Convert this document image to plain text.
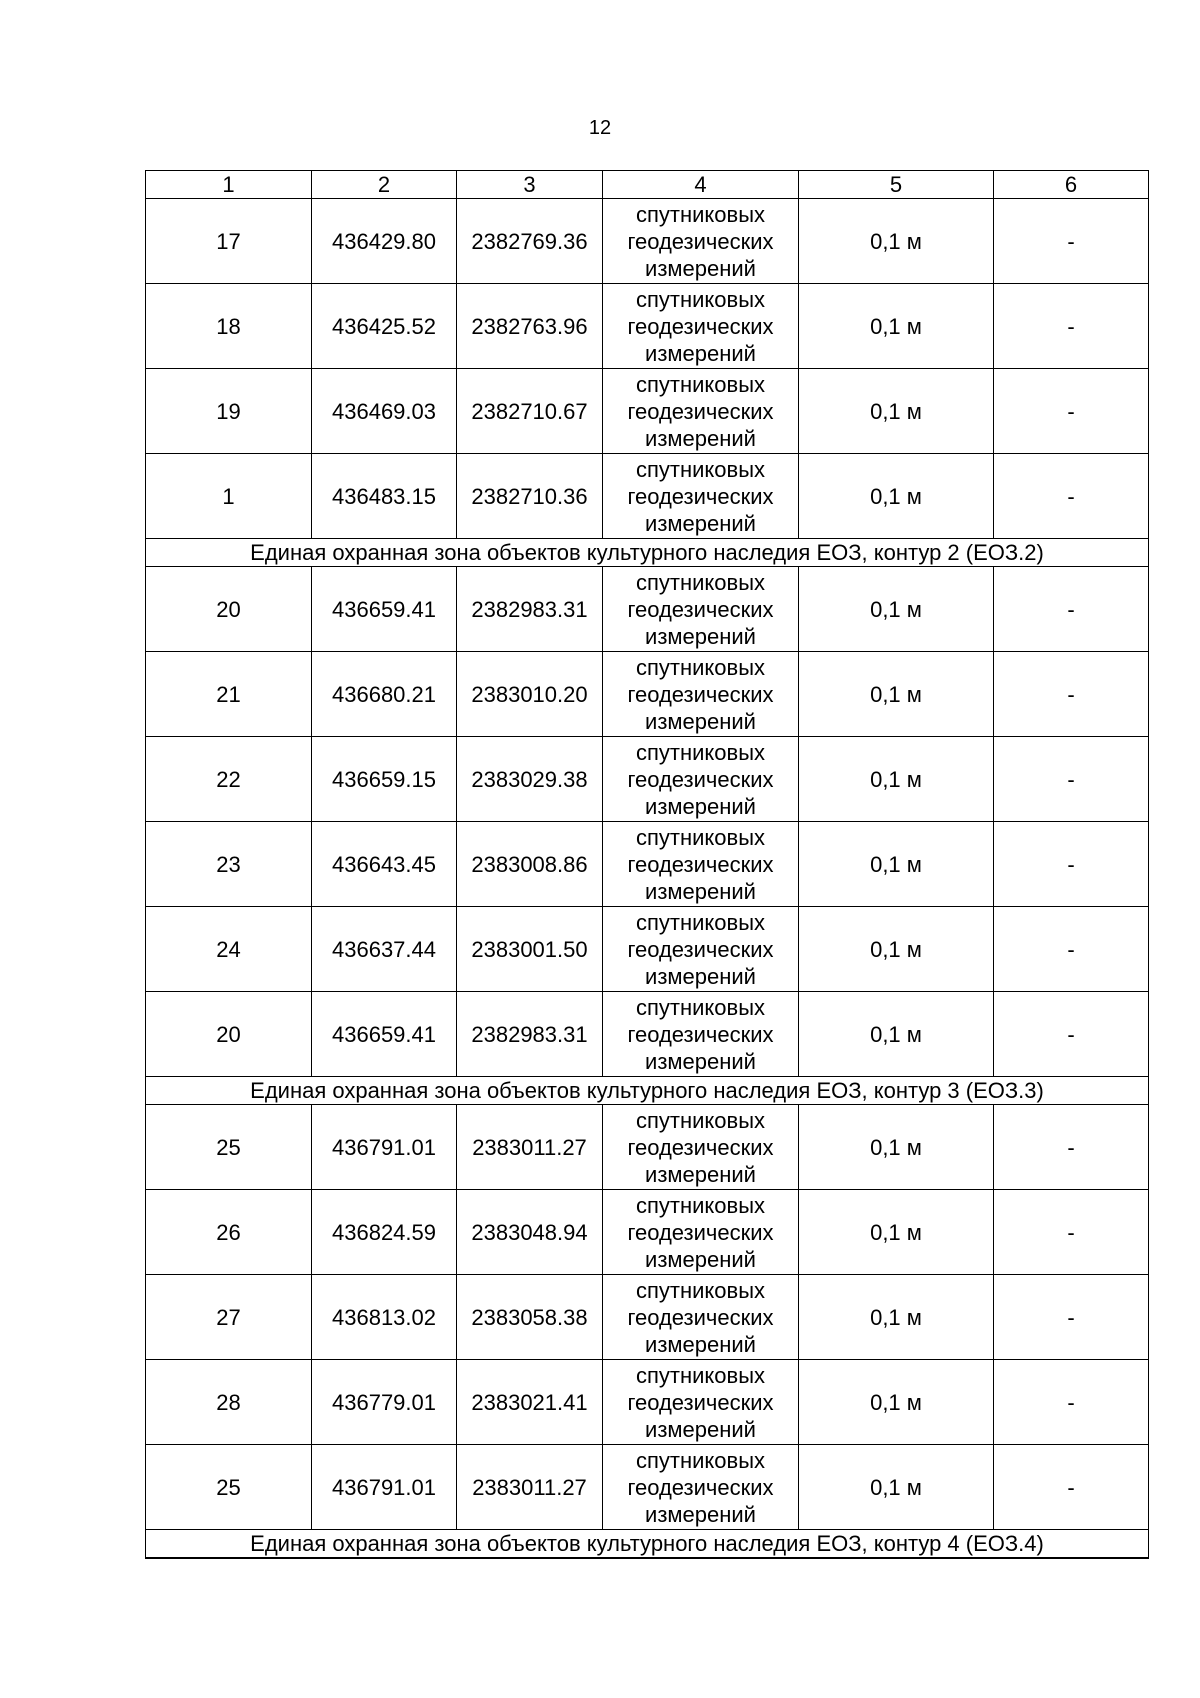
12
1	2	3	4	5	6
17	436429.80	2382769.36	спутниковых геодезических измерений	0,1 м	-
18	436425.52	2382763.96	спутниковых геодезических измерений	0,1 м	-
19	436469.03	2382710.67	спутниковых геодезических измерений	0,1 м	-
1	436483.15	2382710.36	спутниковых геодезических измерений	0,1 м	-
Единая охранная зона объектов культурного наследия ЕОЗ, контур 2 (ЕОЗ.2)					
20	436659.41	2382983.31	спутниковых геодезических измерений	0,1 м	-
21	436680.21	2383010.20	спутниковых геодезических измерений	0,1 м	-
22	436659.15	2383029.38	спутниковых геодезических измерений	0,1 м	-
23	436643.45	2383008.86	спутниковых геодезических измерений	0,1 м	-
24	436637.44	2383001.50	спутниковых геодезических измерений	0,1 м	-
20	436659.41	2382983.31	спутниковых геодезических измерений	0,1 м	-
Единая охранная зона объектов культурного наследия ЕОЗ, контур 3 (ЕОЗ.3)					
25	436791.01	2383011.27	спутниковых геодезических измерений	0,1 м	-
26	436824.59	2383048.94	спутниковых геодезических измерений	0,1 м	-
27	436813.02	2383058.38	спутниковых геодезических измерений	0,1 м	-
28	436779.01	2383021.41	спутниковых геодезических измерений	0,1 м	-
25	436791.01	2383011.27	спутниковых геодезических измерений	0,1 м	-
Единая охранная зона объектов культурного наследия ЕОЗ, контур 4 (ЕОЗ.4)					
